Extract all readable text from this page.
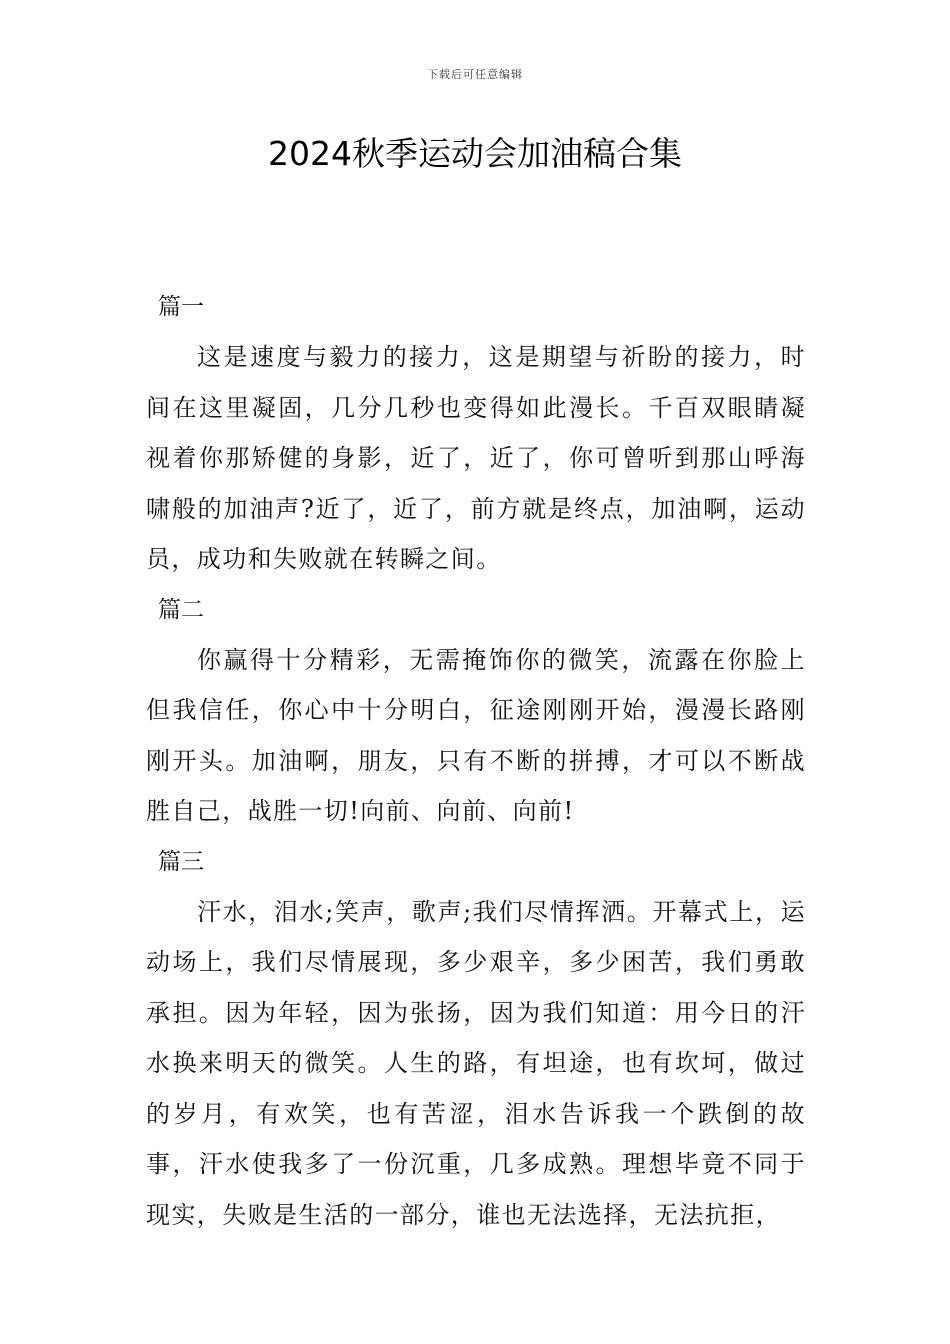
下载后可任意编辑
2024秋季运动会加油稿合集
篇一

这是速度与毅力的接力，这是期望与祈盼的接力，时间在这里凝固，几分几秒也变得如此漫长。千百双眼睛凝视着你那矫健的身影，近了，近了，你可曾听到那山呼海啸般的加油声?近了，近了，前方就是终点，加油啊，运动员，成功和失败就在转瞬之间。

篇二

你赢得十分精彩，无需掩饰你的微笑，流露在你脸上但我信任，你心中十分明白，征途刚刚开始，漫漫长路刚刚开头。加油啊，朋友，只有不断的拼搏，才可以不断战胜自己，战胜一切!向前、向前、向前!

篇三

汗水，泪水;笑声，歌声;我们尽情挥洒。开幕式上，运动场上，我们尽情展现，多少艰辛，多少困苦，我们勇敢承担。因为年轻，因为张扬，因为我们知道：用今日的汗水换来明天的微笑。人生的路，有坦途，也有坎坷，做过的岁月，有欢笑，也有苦涩，泪水告诉我一个跌倒的故事，汗水使我多了一份沉重，几多成熟。理想毕竟不同于现实，失败是生活的一部分，谁也无法选择，无法抗拒，
